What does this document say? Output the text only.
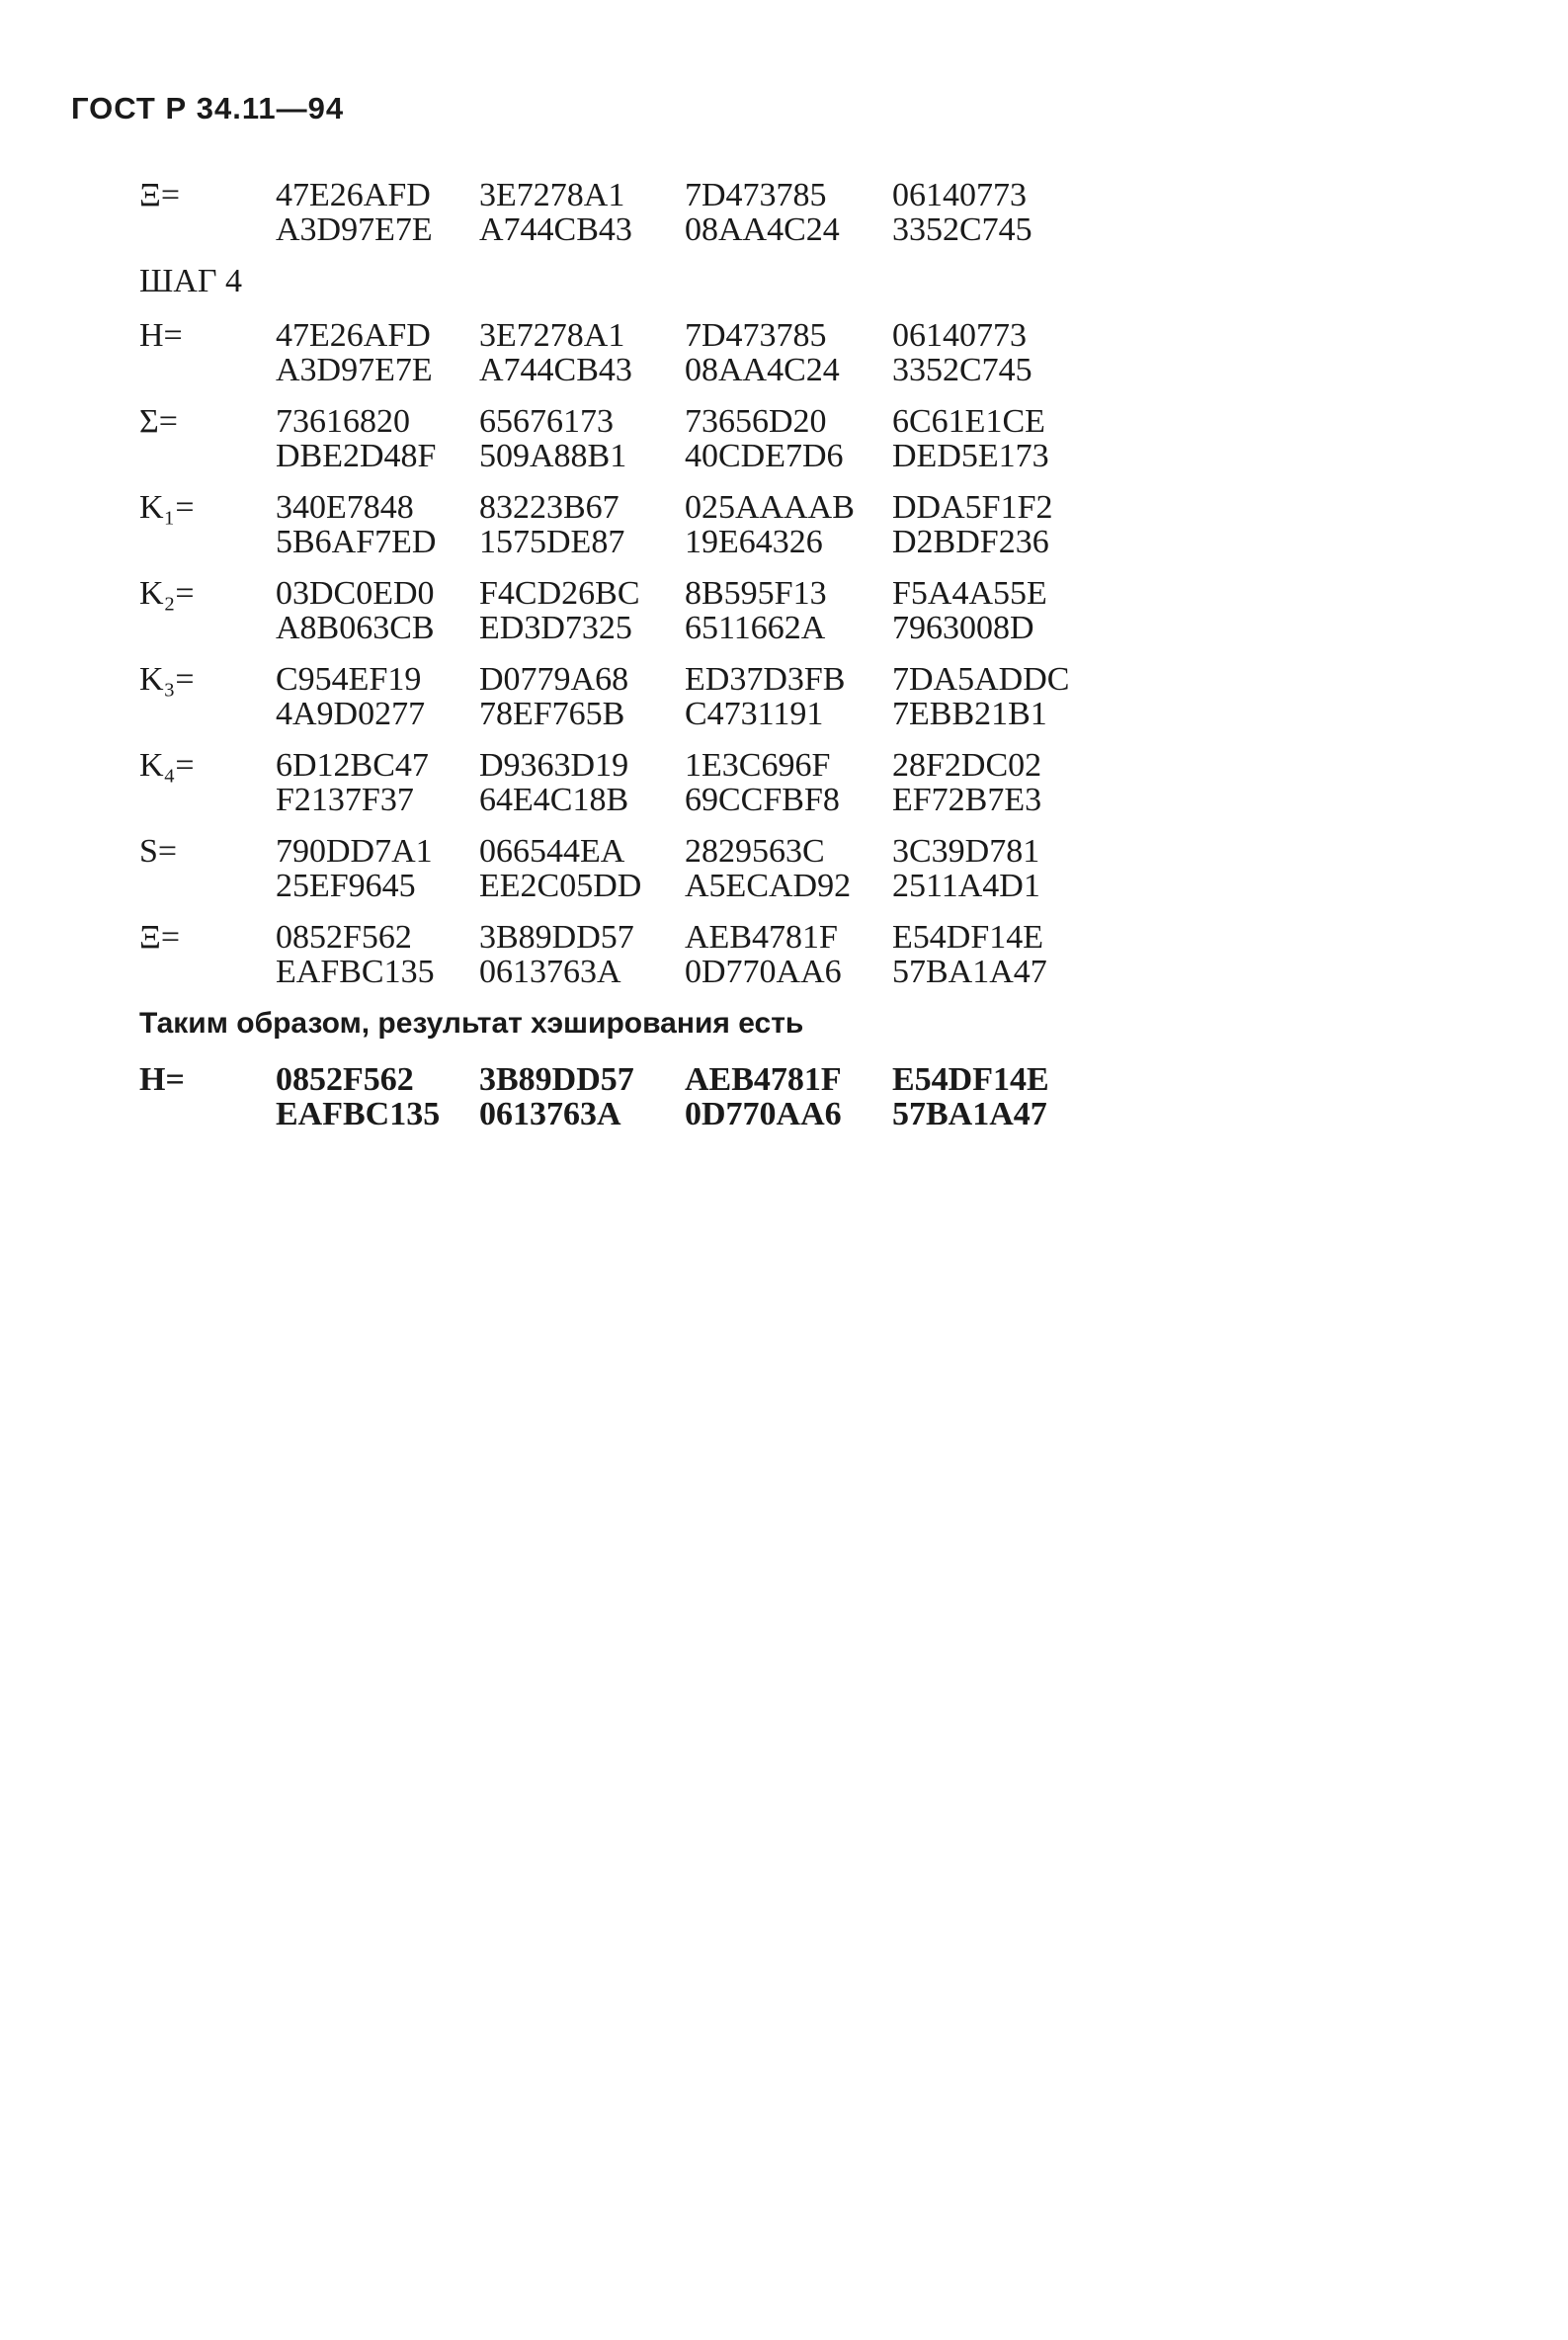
ГОСТ Р 34.11—94
Ξ=	47E26AFD	3E7278A1	7D473785	06140773
A3D97E7E	A744CB43	08AA4C24	3352C745
ШАГ 4
H=	47E26AFD	3E7278A1	7D473785	06140773
A3D97E7E	A744CB43	08AA4C24	3352C745
Σ=	73616820	65676173	73656D20	6C61E1CE
DBE2D48F	509A88B1	40CDE7D6	DED5E173
K₁=	340E7848	83223B67	025AAAAB	DDA5F1F2
5B6AF7ED	1575DE87	19E64326	D2BDF236
K₂=	03DC0ED0	F4CD26BC	8B595F13	F5A4A55E
A8B063CB	ED3D7325	6511662A	7963008D
K₃=	C954EF19	D0779A68	ED37D3FB	7DA5ADDC
4A9D0277	78EF765B	C4731191	7EBB21B1
K₄=	6D12BC47	D9363D19	1E3C696F	28F2DC02
F2137F37	64E4C18B	69CCFBF8	EF72B7E3
S=	790DD7A1	066544EA	2829563C	3C39D781
25EF9645	EE2C05DD	A5ECAD92	2511A4D1
Ξ=	0852F562	3B89DD57	AEB4781F	E54DF14E
EAFBC135	0613763A	0D770AA6	57BA1A47
Таким образом, результат хэширования есть
H=	0852F562	3B89DD57	AEB4781F	E54DF14E
EAFBC135	0613763A	0D770AA6	57BA1A47
